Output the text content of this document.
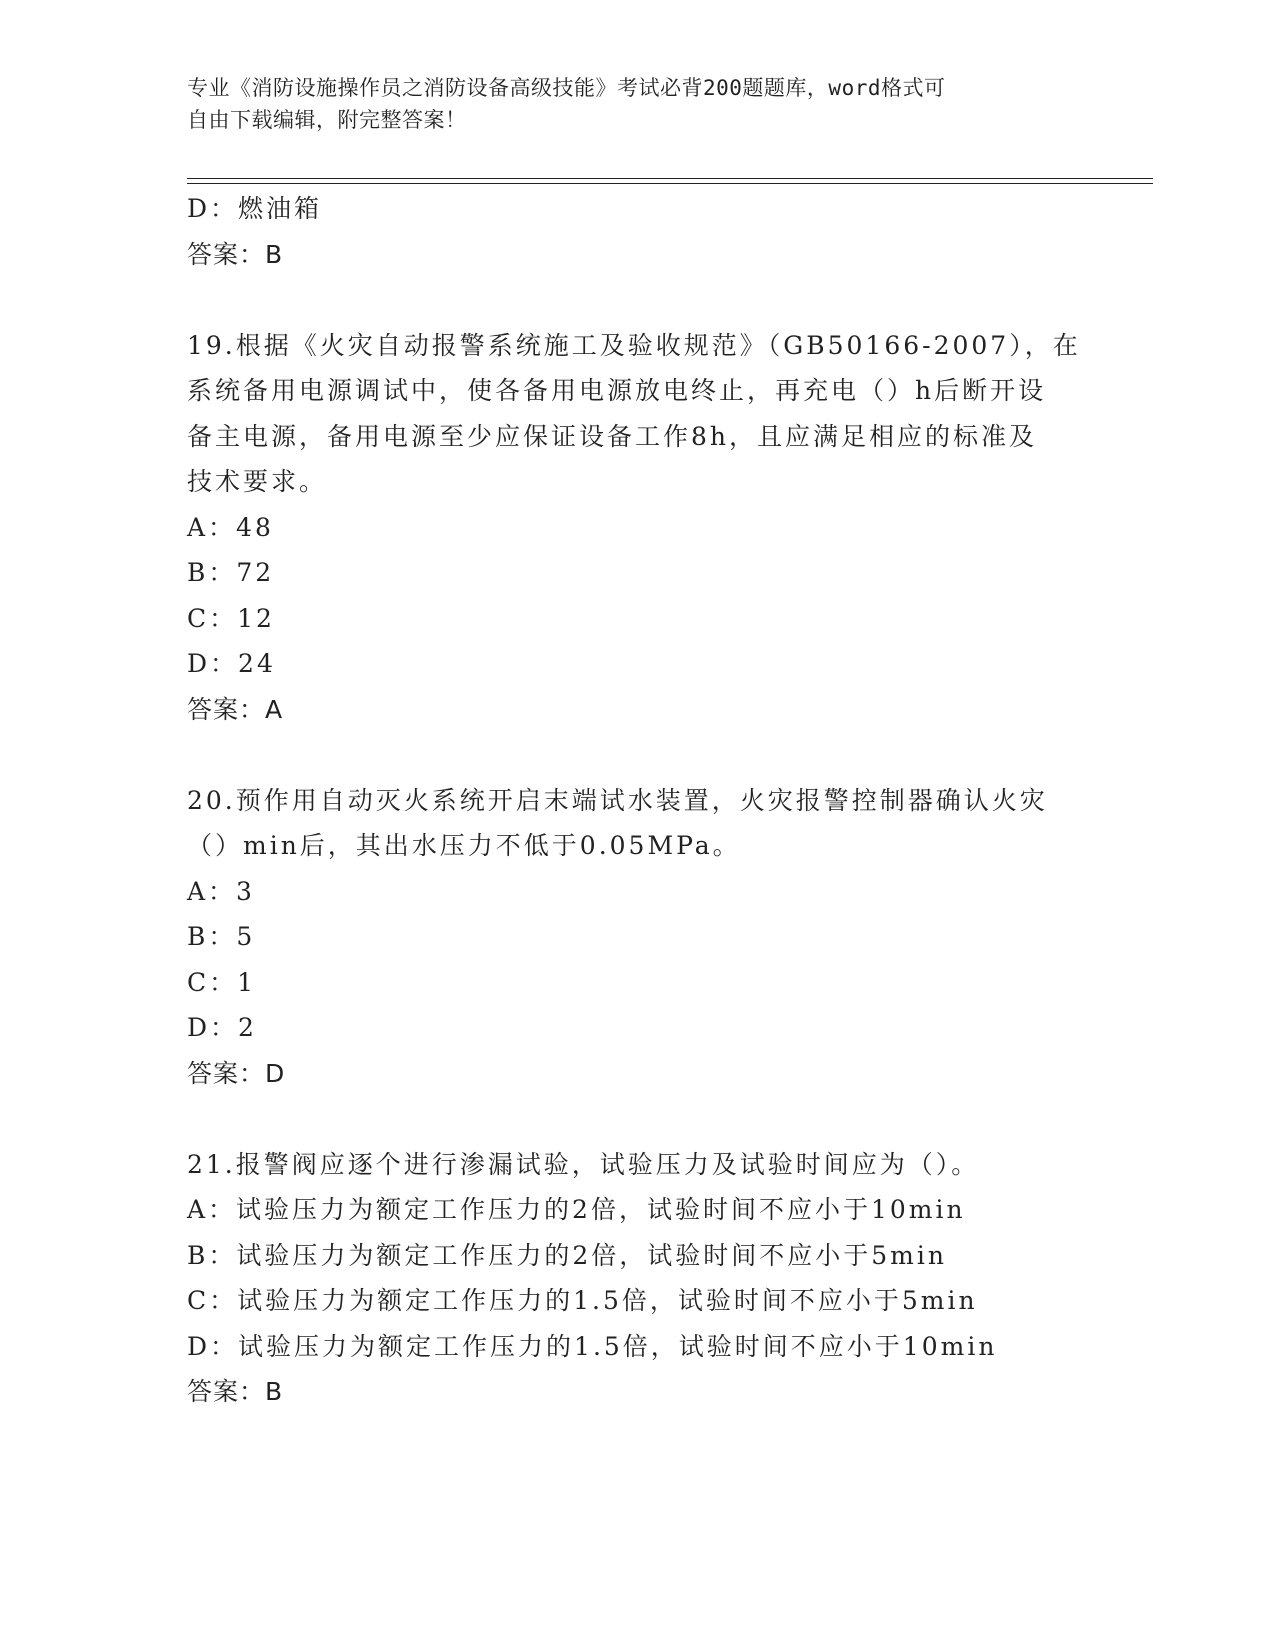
专业《消防设施操作员之消防设备高级技能》考试必背200题题库，word格式可
自由下载编辑，附完整答案！
D：燃油箱
答案：B
19.根据《火灾自动报警系统施工及验收规范》（GB50166-2007），在
系统备用电源调试中，使各备用电源放电终止，再充电（）h后断开设
备主电源，备用电源至少应保证设备工作8h，且应满足相应的标准及
技术要求。
A：48
B：72
C：12
D：24
答案：A
20.预作用自动灭火系统开启末端试水装置，火灾报警控制器确认火灾
（）min后，其出水压力不低于0.05MPa。
A：3
B：5
C：1
D：2
答案：D
21.报警阀应逐个进行渗漏试验，试验压力及试验时间应为（）。
A：试验压力为额定工作压力的2倍，试验时间不应小于10min
B：试验压力为额定工作压力的2倍，试验时间不应小于5min
C：试验压力为额定工作压力的1.5倍，试验时间不应小于5min
D：试验压力为额定工作压力的1.5倍，试验时间不应小于10min
答案：B
